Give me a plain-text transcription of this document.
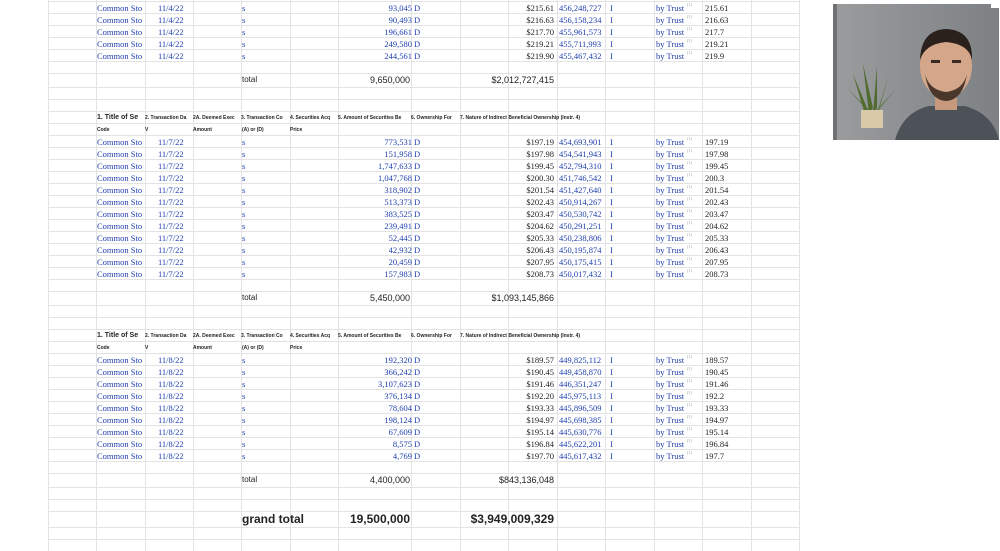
Common Sto 11/4/22	s	93,045 D	$215.61 456,248,727 I	by Trust (1) 215.61
Common Sto 11/4/22	s	90,493 D	$216.63 456,158,234 I	by Trust (1) 216.63
Common Sto 11/4/22	s	196,661 D	$217.70 455,961,573 I	by Trust (1) 217.7
Common Sto 11/4/22	s	249,580 D	$219.21 455,711,993 I	by Trust (1) 219.21
Common Sto 11/4/22	s	244,561 D	$219.90 455,467,432 I	by Trust (1) 219.9
total	9,650,000	$2,012,727,415
1. Title of Se 2. Transaction Da 2A. Deemed Exec 3. Transaction Co 4. Securities Acq 5. Amount of Securities Be 6. Ownership For 7. Nature of Indirect Beneficial Ownership (Instr. 4)
Code	V	Amount	(A) or (D)	Price
Common Sto 11/7/22	s	773,531 D	$197.19 454,693,901 I	by Trust (1) 197.19
Common Sto 11/7/22	s	151,958 D	$197.98 454,541,943 I	by Trust (1) 197.98
Common Sto 11/7/22	s	1,747,633 D	$199.45 452,794,310 I	by Trust (1) 199.45
Common Sto 11/7/22	s	1,047,768 D	$200.30 451,746,542 I	by Trust (1) 200.3
Common Sto 11/7/22	s	318,902 D	$201.54 451,427,640 I	by Trust (1) 201.54
Common Sto 11/7/22	s	513,373 D	$202.43 450,914,267 I	by Trust (1) 202.43
Common Sto 11/7/22	s	383,525 D	$203.47 450,530,742 I	by Trust (1) 203.47
Common Sto 11/7/22	s	239,491 D	$204.62 450,291,251 I	by Trust (1) 204.62
Common Sto 11/7/22	s	52,445 D	$205.33 450,238,806 I	by Trust (1) 205.33
Common Sto 11/7/22	s	42,932 D	$206.43 450,195,874 I	by Trust (1) 206.43
Common Sto 11/7/22	s	20,459 D	$207.95 450,175,415 I	by Trust (1) 207.95
Common Sto 11/7/22	s	157,983 D	$208.73 450,017,432 I	by Trust (1) 208.73
total	5,450,000	$1,093,145,866
1. Title of Se 2. Transaction Da 2A. Deemed Exec 3. Transaction Co 4. Securities Acq 5. Amount of Securities Be 6. Ownership For 7. Nature of Indirect Beneficial Ownership (Instr. 4)
Code	V	Amount	(A) or (D)	Price
Common Sto 11/8/22	s	192,320 D	$189.57 449,825,112 I	by Trust (1) 189.57
Common Sto 11/8/22	s	366,242 D	$190.45 449,458,870 I	by Trust (1) 190.45
Common Sto 11/8/22	s	3,107,623 D	$191.46 446,351,247 I	by Trust (1) 191.46
Common Sto 11/8/22	s	376,134 D	$192.20 445,975,113 I	by Trust (1) 192.2
Common Sto 11/8/22	s	78,604 D	$193.33 445,896,509 I	by Trust (1) 193.33
Common Sto 11/8/22	s	198,124 D	$194.97 445,698,385 I	by Trust (1) 194.97
Common Sto 11/8/22	s	67,609 D	$195.14 445,630,776 I	by Trust (1) 195.14
Common Sto 11/8/22	s	8,575 D	$196.84 445,622,201 I	by Trust (1) 196.84
Common Sto 11/8/22	s	4,769 D	$197.70 445,617,432 I	by Trust (1) 197.7
total	4,400,000	$843,136,048
grand total	19,500,000	$3,949,009,329
